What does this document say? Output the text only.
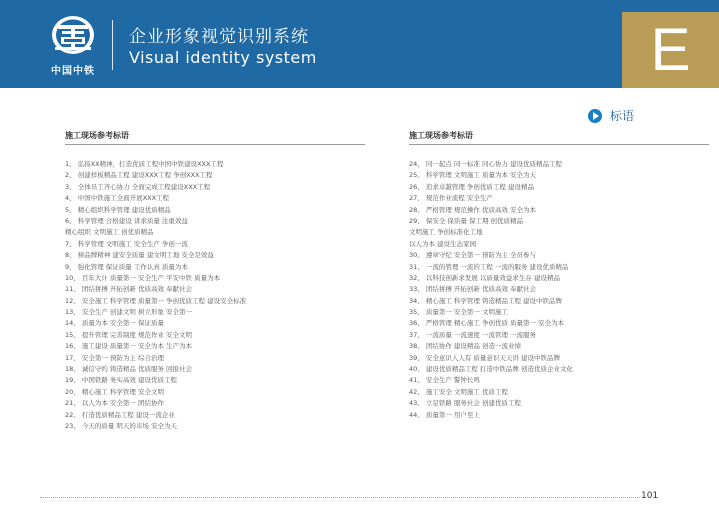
中国中铁
企业形象视觉识别系统
Visual identity system	E
标语
施工现场参考标语
1、 弘扬XX精神，打造优质工程中国中铁建设XXX工程
2、 创建样板精品工程 建设XXX工程 争创XXX工程
3、 全体员工齐心协力 全面完成工程建设XXX工程
4、 中国中铁施工全面开展XXX工程
5、 精心组织科学管理 建设优质精品
6、 科学管理 合格建设 讲求质量 注重效益
精心组织 文明施工 创优质精品
7、 科学管理 文明施工 安全生产 争创一流
8、 树品牌精神 建安全质量 建文明工地 安全是效益
9、 强化管理 保证质量 工作认真 质量为本
10、 百年大计 质量第一 安全生产 平安中铁 质量为本
11、 团结拼搏 开拓创新 优质高效 奉献社会
12、 安全施工 科学管理 质量第一 争创优质工程 建设安全标准
13、 安全生产 创建文明 树立形象 安全第一
14、 质量为本 安全第一 保证质量
15、 提升管理 完善制度 规范作业 安全文明
16、 施工建设 质量第一 安全为本 生产为本
17、 安全第一 预防为主 综合治理
18、 诚信守约 铸造精品 优质服务 回报社会
19、 中国铁路 务实高效 建设优质工程
20、 精心施工 科学管理 安全文明
21、 以人为本 安全第一 团结协作
22、 打造优质精品工程 建设一流企业
23、 今天的质量 明天的市场 安全为天
施工现场参考标语
24、 同一起点 同一标准 同心协力 建设优质精品工程
25、 科学管理 文明施工 质量为本 安全为天
26、 追求卓越管理 争创优质工程 建设精品
27、 规范作业流程 安全生产
28、 严格管理 规范操作 优质高效 安全为本
29、 保安全 保质量 保工期 创优质精品
文明施工 争创标准化工地
以人为本 建设生态家园
30、 遵章守纪 安全第一 预防为主 全员参与
31、 一流的管理 一流的工程 一流的服务 建设优质精品
32、 以科技创新求发展 以质量效益求生存 建设精品
33、 团结拼搏 开拓创新 优质高效 奉献社会
34、 精心施工 科学管理 铸造精品工程 建设中铁品牌
35、 质量第一 安全第一 文明施工
36、 严格管理 精心施工 争创优质 质量第一 安全为本
37、 一流质量 一流速度 一流管理 一流服务
38、 团结协作 建设精品 创造一流业绩
39、 安全意识人人有 质量意识天天讲 建设中铁品牌
40、 建设优质精品工程 打造中铁品牌 创造优质企业文化
41、 安全生产 警钟长鸣
42、 施工安全 文明施工 优质工程
43、 立足铁路 服务社会 创建优质工程
44、 质量第一 用户至上
101
